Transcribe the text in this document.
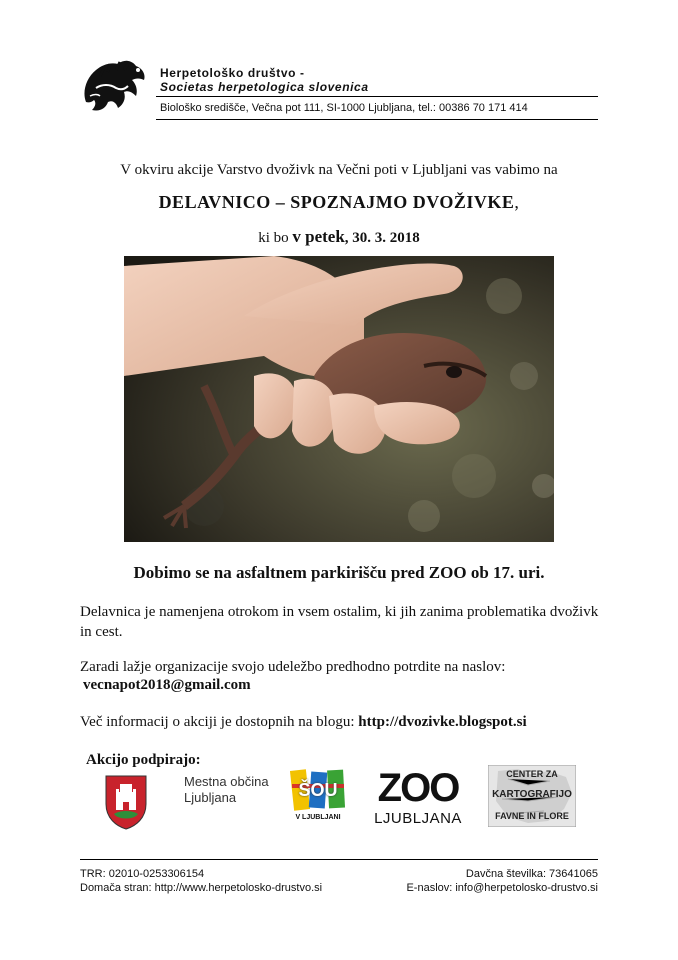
Herpetološko društvo -
Societas herpetologica slovenica
Biološko središče, Večna pot 111, SI-1000 Ljubljana, tel.: 00386 70 171 414
V okviru akcije Varstvo dvoživk na Večni poti v Ljubljani vas vabimo na
DELAVNICO – SPOZNAJMO DVOŽIVKE,
ki bo v petek, 30. 3. 2018
Dobimo se na asfaltnem parkirišču pred ZOO ob 17. uri.
Delavnica je namenjena otrokom in vsem ostalim, ki jih zanima problematika dvoživk in cest.
Zaradi lažje organizacije svojo udeležbo predhodno potrdite na naslov:
vecnapot2018@gmail.com
Več informacij o akciji je dostopnih na blogu: http://dvozivke.blogspot.si
Akcijo podpirajo:
Mestna občina
Ljubljana	ŠOU
V LJUBLJANI
ZOO
LJUBLJANA
CENTER ZA
KARTOGRAFIJO
FAVNE IN FLORE
TRR: 02010-0253306154
Domača stran: http://www.herpetolosko-drustvo.si
Davčna številka: 73641065
E-naslov: info@herpetolosko-drustvo.si
